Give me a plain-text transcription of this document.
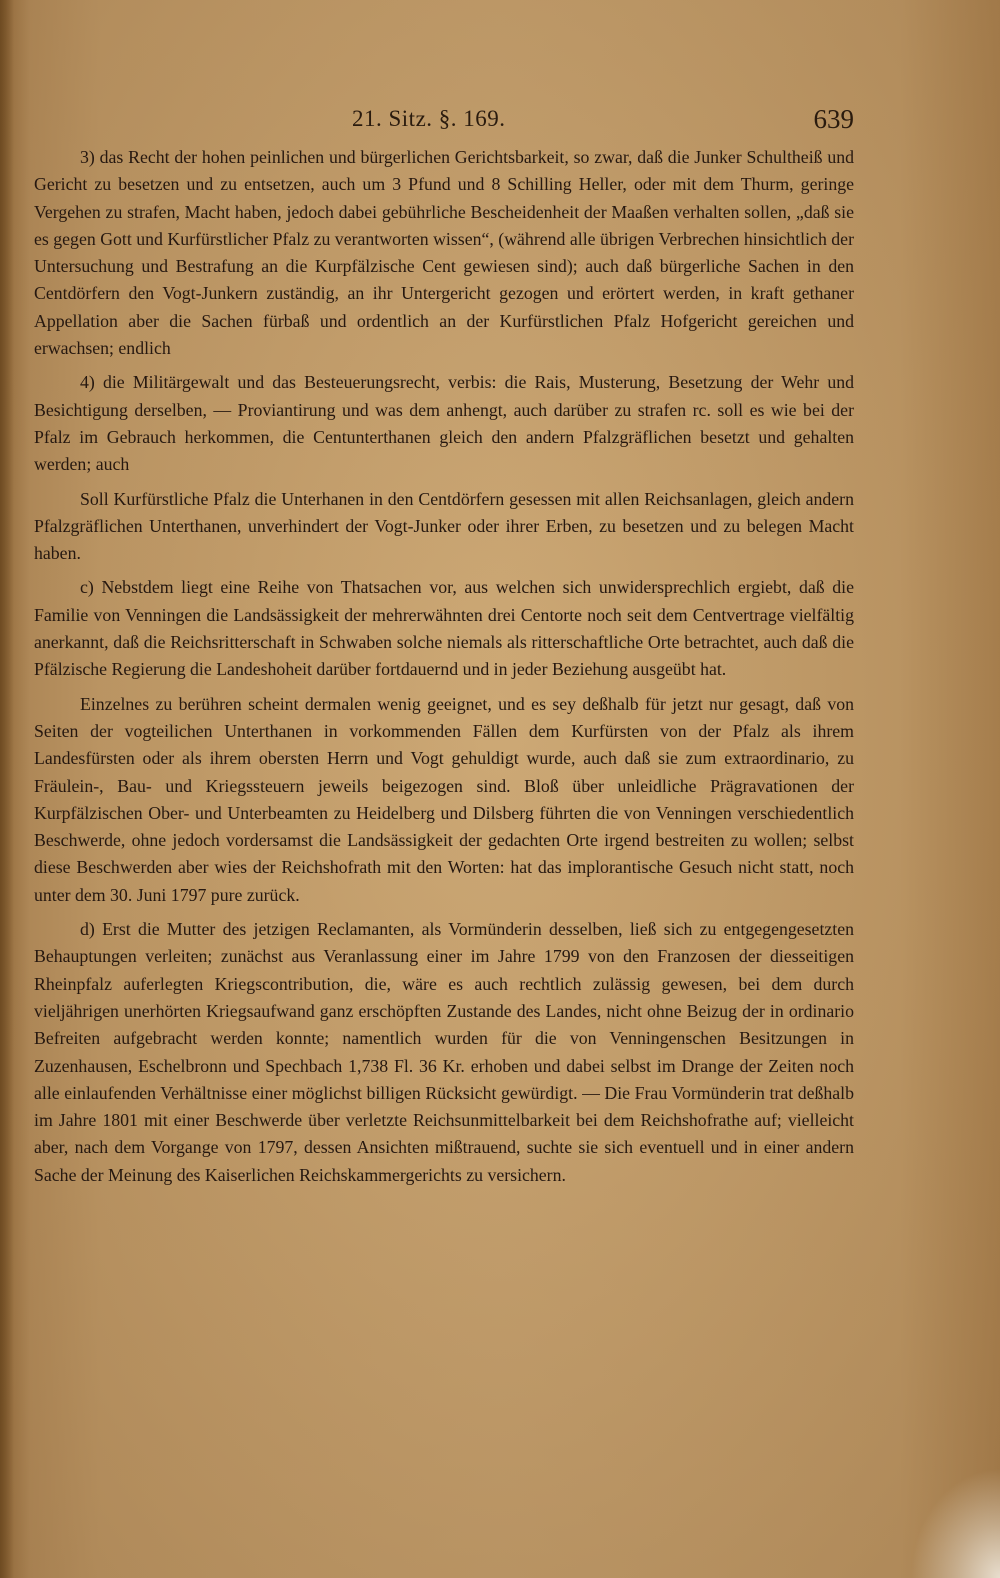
21. Sitz. §. 169.	639

3) das Recht der hohen peinlichen und bürgerlichen Gerichtsbarkeit, so zwar, daß die Junker Schultheiß und Gericht zu besetzen und zu entsetzen, auch um 3 Pfund und 8 Schilling Heller, oder mit dem Thurm, geringe Vergehen zu strafen, Macht haben, jedoch dabei gebührliche Bescheidenheit der Maaßen verhalten sollen, „daß sie es gegen Gott und Kurfürstlicher Pfalz zu verantworten wissen“, (während alle übrigen Verbrechen hinsichtlich der Untersuchung und Bestrafung an die Kurpfälzische Cent gewiesen sind); auch daß bürgerliche Sachen in den Centdörfern den Vogt-Junkern zuständig, an ihr Untergericht gezogen und erörtert werden, in kraft gethaner Appellation aber die Sachen fürbaß und ordentlich an der Kurfürstlichen Pfalz Hofgericht gereichen und erwachsen; endlich

4) die Militärgewalt und das Besteuerungsrecht, verbis: die Rais, Musterung, Besetzung der Wehr und Besichtigung derselben, — Proviantirung und was dem anhengt, auch darüber zu strafen rc. soll es wie bei der Pfalz im Gebrauch herkommen, die Centunterthanen gleich den andern Pfalzgräflichen besetzt und gehalten werden; auch

Soll Kurfürstliche Pfalz die Unterhanen in den Centdörfern gesessen mit allen Reichsanlagen, gleich andern Pfalzgräflichen Unterthanen, unverhindert der Vogt-Junker oder ihrer Erben, zu besetzen und zu belegen Macht haben.

c) Nebstdem liegt eine Reihe von Thatsachen vor, aus welchen sich unwidersprechlich ergiebt, daß die Familie von Venningen die Landsässigkeit der mehrerwähnten drei Centorte noch seit dem Centvertrage vielfältig anerkannt, daß die Reichsritterschaft in Schwaben solche niemals als ritterschaftliche Orte betrachtet, auch daß die Pfälzische Regierung die Landeshoheit darüber fortdauernd und in jeder Beziehung ausgeübt hat.

Einzelnes zu berühren scheint dermalen wenig geeignet, und es sey deßhalb für jetzt nur gesagt, daß von Seiten der vogteilichen Unterthanen in vorkommenden Fällen dem Kurfürsten von der Pfalz als ihrem Landesfürsten oder als ihrem obersten Herrn und Vogt gehuldigt wurde, auch daß sie zum extraordinario, zu Fräulein-, Bau- und Kriegssteuern jeweils beigezogen sind. Bloß über unleidliche Prägravationen der Kurpfälzischen Ober- und Unterbeamten zu Heidelberg und Dilsberg führten die von Venningen verschiedentlich Beschwerde, ohne jedoch vordersamst die Landsässigkeit der gedachten Orte irgend bestreiten zu wollen; selbst diese Beschwerden aber wies der Reichshofrath mit den Worten: hat das implorantische Gesuch nicht statt, noch unter dem 30. Juni 1797 pure zurück.

d) Erst die Mutter des jetzigen Reclamanten, als Vormünderin desselben, ließ sich zu entgegengesetzten Behauptungen verleiten; zunächst aus Veranlassung einer im Jahre 1799 von den Franzosen der diesseitigen Rheinpfalz auferlegten Kriegscontribution, die, wäre es auch rechtlich zulässig gewesen, bei dem durch vieljährigen unerhörten Kriegsaufwand ganz erschöpften Zustande des Landes, nicht ohne Beizug der in ordinario Befreiten aufgebracht werden konnte; namentlich wurden für die von Venningenschen Besitzungen in Zuzenhausen, Eschelbronn und Spechbach 1,738 Fl. 36 Kr. erhoben und dabei selbst im Drange der Zeiten noch alle einlaufenden Verhältnisse einer möglichst billigen Rücksicht gewürdigt. — Die Frau Vormünderin trat deßhalb im Jahre 1801 mit einer Beschwerde über verletzte Reichsunmittelbarkeit bei dem Reichshofrathe auf; vielleicht aber, nach dem Vorgange von 1797, dessen Ansichten mißtrauend, suchte sie sich eventuell und in einer andern Sache der Meinung des Kaiserlichen Reichskammergerichts zu versichern.
